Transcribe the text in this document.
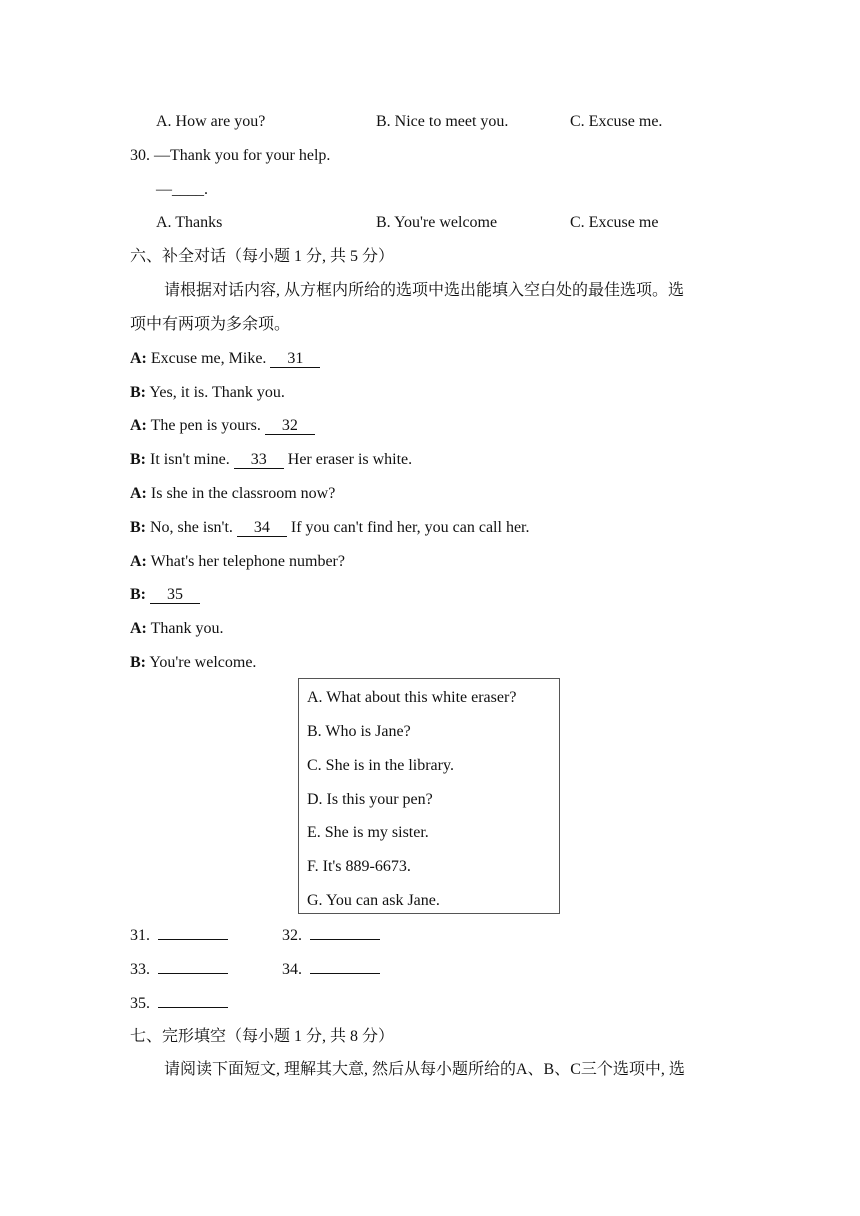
A. How are you?	B. Nice to meet you.	C. Excuse me.
30. —Thank you for your help.
—____.
A. Thanks	B. You're welcome	C. Excuse me
六、补全对话（每小题 1 分, 共 5 分）
请根据对话内容, 从方框内所给的选项中选出能填入空白处的最佳选项。选
项中有两项为多余项。
A: Excuse me, Mike. 31
B: Yes, it is. Thank you.
A: The pen is yours. 32
B: It isn't mine. 33 Her eraser is white.
A: Is she in the classroom now?
B: No, she isn't. 34 If you can't find her, you can call her.
A: What's her telephone number?
B: 35
A: Thank you.
B: You're welcome.
A. What about this white eraser?
B. Who is Jane?
C. She is in the library.
D. Is this your pen?
E. She is my sister.
F. It's 889-6673.
G. You can ask Jane.
31.	32.
33.	34.
35.
七、完形填空（每小题 1 分, 共 8 分）
请阅读下面短文, 理解其大意, 然后从每小题所给的A、B、C三个选项中, 选
